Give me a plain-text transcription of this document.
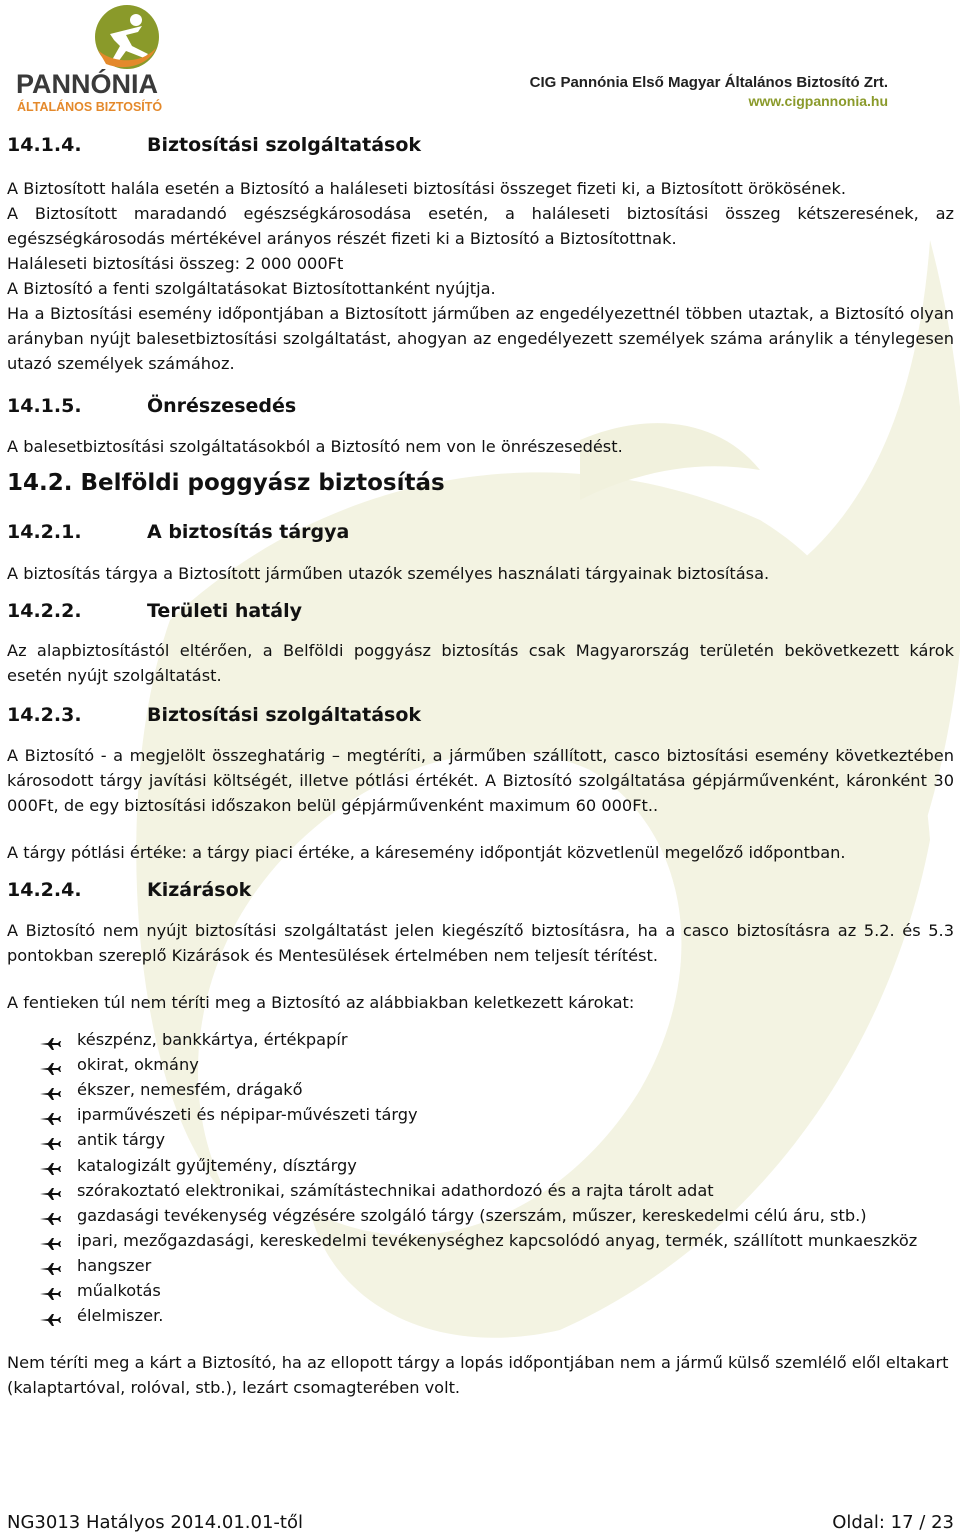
PANNÓNIA
ÁLTALÁNOS BIZTOSÍTÓ
CIG Pannónia Első Magyar Általános Biztosító Zrt.
www.cigpannonia.hu
14.1.4.	Biztosítási szolgáltatások

A Biztosított halála esetén a Biztosító a haláleseti biztosítási összeget fizeti ki, a Biztosított örökösének.

A Biztosított maradandó egészségkárosodása esetén, a haláleseti biztosítási összeg kétszeresének, az egészségkárosodás mértékével arányos részét fizeti ki a Biztosító a Biztosítottnak.

Haláleseti biztosítási összeg: 2 000 000Ft

A Biztosító a fenti szolgáltatásokat Biztosítottanként nyújtja.

Ha a Biztosítási esemény időpontjában a Biztosított járműben az engedélyezettnél többen utaztak, a Biztosító olyan arányban nyújt balesetbiztosítási szolgáltatást, ahogyan az engedélyezett személyek száma aránylik a ténylegesen utazó személyek számához.

14.1.5.	Önrészesedés

A balesetbiztosítási szolgáltatásokból a Biztosító nem von le önrészesedést.

14.2. Belföldi poggyász biztosítás
14.2.1.	A biztosítás tárgya

A biztosítás tárgya a Biztosított járműben utazók személyes használati tárgyainak biztosítása.

14.2.2.	Területi hatály

Az alapbiztosítástól eltérően, a Belföldi poggyász biztosítás csak Magyarország területén bekövetkezett károk esetén nyújt szolgáltatást.

14.2.3.	Biztosítási szolgáltatások

A Biztosító - a megjelölt összeghatárig – megtéríti, a járműben szállított, casco biztosítási esemény következtében károsodott tárgy javítási költségét, illetve pótlási értékét. A Biztosító szolgáltatása gépjárművenként, káronként 30 000Ft, de egy biztosítási időszakon belül gépjárművenként maximum 60 000Ft..

A tárgy pótlási értéke: a tárgy piaci értéke, a káresemény időpontját közvetlenül megelőző időpontban.

14.2.4.	Kizárások

A Biztosító nem nyújt biztosítási szolgáltatást jelen kiegészítő biztosításra, ha a casco biztosításra az 5.2. és 5.3 pontokban szereplő Kizárások és Mentesülések értelmében nem teljesít térítést.

A fentieken túl nem téríti meg a Biztosító az alábbiakban keletkezett károkat:

készpénz, bankkártya, értékpapír
okirat, okmány
ékszer, nemesfém, drágakő
iparművészeti és népipar-művészeti tárgy
antik tárgy
katalogizált gyűjtemény, dísztárgy
szórakoztató elektronikai, számítástechnikai adathordozó és a rajta tárolt adat
gazdasági tevékenység végzésére szolgáló tárgy (szerszám, műszer, kereskedelmi célú áru, stb.)
ipari, mezőgazdasági, kereskedelmi tevékenységhez kapcsolódó anyag, termék, szállított munkaeszköz
hangszer
műalkotás
élelmiszer.

Nem téríti meg a kárt a Biztosító, ha az ellopott tárgy a lopás időpontjában nem a jármű külső szemlélő elől eltakart (kalaptartóval, rolóval, stb.), lezárt csomagterében volt.

NG3013 Hatályos 2014.01.01-től	Oldal: 17 / 23
